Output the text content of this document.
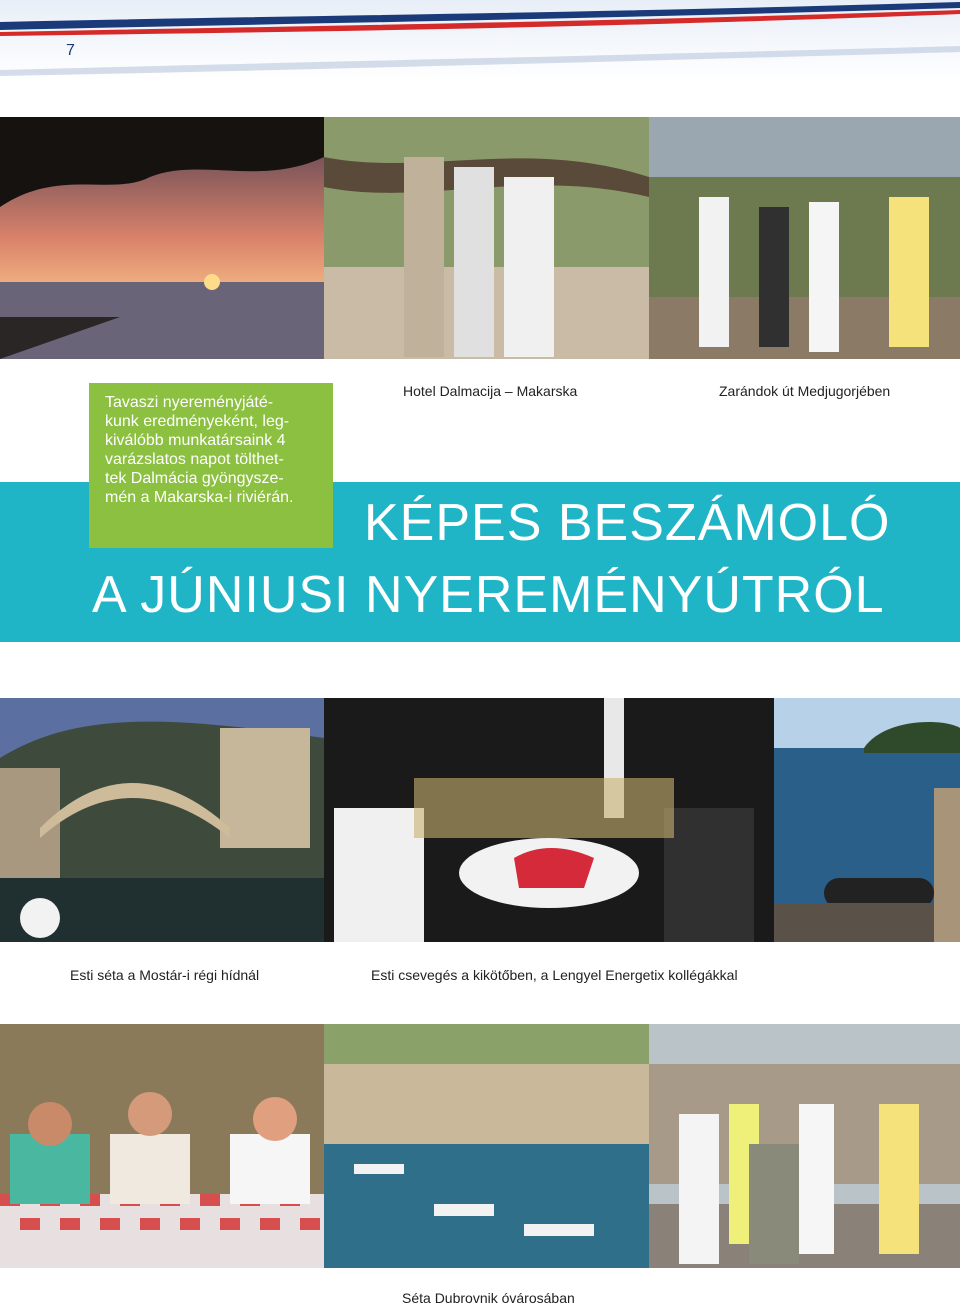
7
Hotel Dalmacija – Makarska	Zarándok út Medjugorjében
KÉPES BESZÁMOLÓ
A JÚNIUSI NYEREMÉNYÚTRÓL

Tavaszi nyereményjáté-
kunk eredményeként, leg-
kiválóbb munkatársaink 4
varázslatos napot tölthet-
tek Dalmácia gyöngysze-
mén a Makarska-i riviérán.

Esti séta a Mostár-i régi hídnál	Esti csevegés a kikötőben, a Lengyel Energetix kollégákkal
Séta Dubrovnik óvárosában
